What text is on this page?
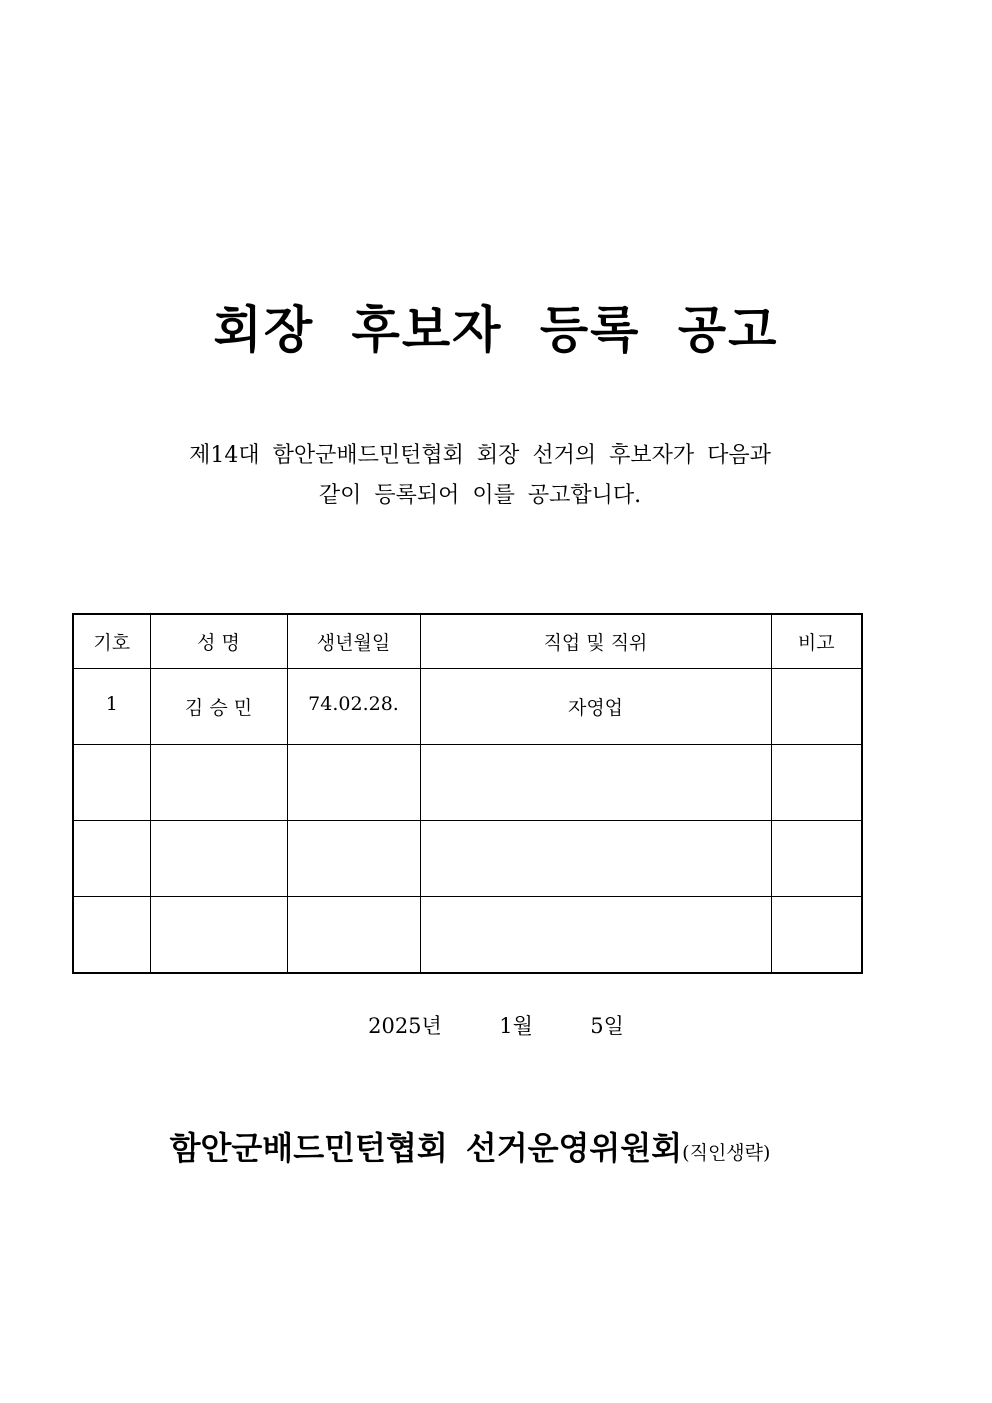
회장 후보자 등록 공고
제14대 함안군배드민턴협회 회장 선거의 후보자가 다음과
같이 등록되어 이를 공고합니다.
기호	성 명	생년월일	직업 및 직위	비고
1	김 승 민	74.02.28.	자영업	

2025년	1월	5일
함안군배드민턴협회 선거운영위원회(직인생략)
